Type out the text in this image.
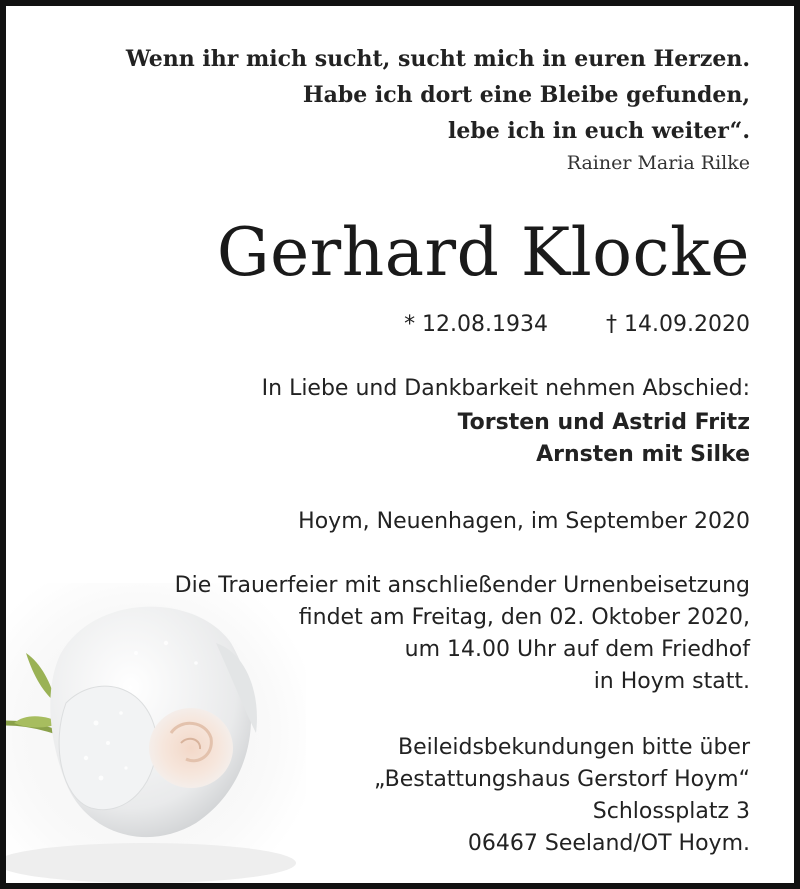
Wenn ihr mich sucht, sucht mich in euren Herzen.
Habe ich dort eine Bleibe gefunden,
lebe ich in euch weiter“.
Rainer Maria Rilke
Gerhard Klocke
* 12.08.1934	† 14.09.2020
In Liebe und Dankbarkeit nehmen Abschied:
Torsten und Astrid Fritz
Arnsten mit Silke
Hoym, Neuenhagen, im September 2020
Die Trauerfeier mit anschließender Urnenbeisetzung
findet am Freitag, den 02. Oktober 2020,
um 14.00 Uhr auf dem Friedhof
in Hoym statt.
Beileidsbekundungen bitte über
„Bestattungshaus Gerstorf Hoym“
Schlossplatz 3
06467 Seeland/OT Hoym.
